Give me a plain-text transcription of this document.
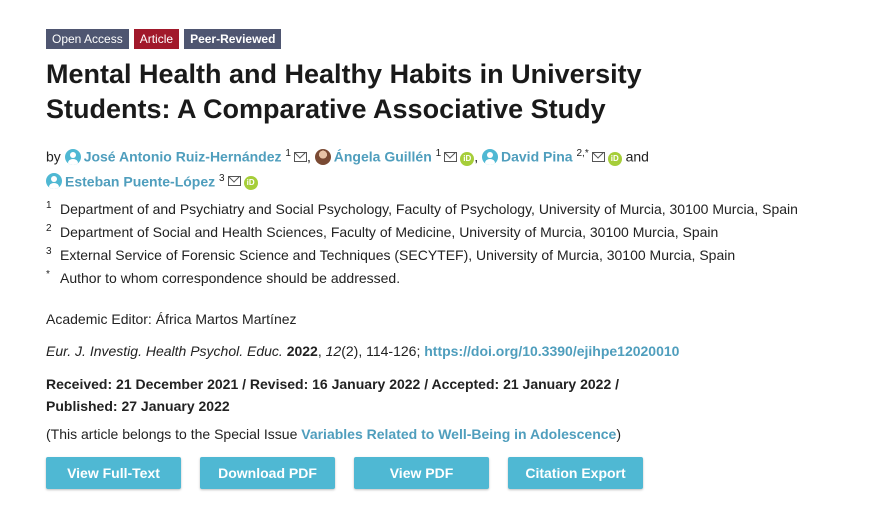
Open Access	Article	Peer-Reviewed
Mental Health and Healthy Habits in University Students: A Comparative Associative Study
by José Antonio Ruiz-Hernández $^1$ , Ángela Guillén $^1$	iD , David Pina $^{2,*}$	iD and
Esteban Puente-López $^3$	iD
1 Department of and Psychiatry and Social Psychology, Faculty of Psychology, University of Murcia, 30100 Murcia, Spain
2 Department of Social and Health Sciences, Faculty of Medicine, University of Murcia, 30100 Murcia, Spain
3 External Service of Forensic Science and Techniques (SECYTEF), University of Murcia, 30100 Murcia, Spain
* Author to whom correspondence should be addressed.
Academic Editor: África Martos Martínez
Eur. J. Investig. Health Psychol. Educ. 2022, 12(2), 114-126; https://doi.org/10.3390/ejihpe12020010
Received: 21 December 2021 / Revised: 16 January 2022 / Accepted: 21 January 2022 /
Published: 27 January 2022
(This article belongs to the Special Issue Variables Related to Well-Being in Adolescence)
View Full-Text	Download PDF	View PDF	Citation Export
